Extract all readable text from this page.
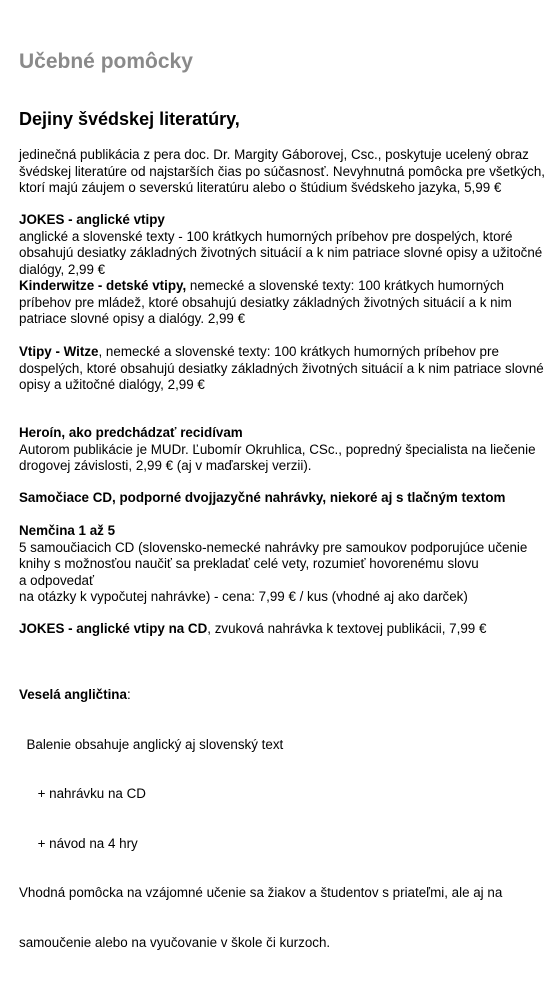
Učebné pomôcky
Dejiny švédskej literatúry,
jedinečná publikácia z pera doc. Dr. Margity Gáborovej, Csc., poskytuje ucelený obraz
švédskej literatúre od najstarších čias po súčasnosť. Nevyhnutná pomôcka pre všetkých,
ktorí majú záujem o severskú literatúru alebo o štúdium švédskeho jazyka, 5,99 €
JOKES - anglické vtipy
anglické a slovenské texty - 100 krátkych humorných príbehov pre dospelých, ktoré
obsahujú desiatky základných životných situácií a k nim patriace slovné opisy a užitočné
dialógy, 2,99 €
Kinderwitze - detské vtipy, nemecké a slovenské texty: 100 krátkych humorných
príbehov pre mládež, ktoré obsahujú desiatky základných životných situácií a k nim
patriace slovné opisy a dialógy. 2,99 €
Vtipy - Witze, nemecké a slovenské texty: 100 krátkych humorných príbehov pre
dospelých, ktoré obsahujú desiatky základných životných situácií a k nim patriace slovné
opisy a užitočné dialógy, 2,99 €
Heroín, ako predchádzať recidívam
Autorom publikácie je MUDr. Ľubomír Okruhlica, CSc., popredný špecialista na liečenie
drogovej závislosti, 2,99 € (aj v maďarskej verzii).
Samočiace CD, podporné dvojjazyčné nahrávky, niekoré aj s tlačným textom
Nemčina 1 až 5
5 samoučiacich CD (slovensko-nemecké nahrávky pre samoukov podporujúce učenie
knihy s možnosťou naučiť sa prekladať celé vety, rozumieť hovorenému slovu
a odpovedať
na otázky k vypočutej nahrávke) - cena: 7,99 € / kus (vhodné aj ako darček)
JOKES - anglické vtipy na CD, zvuková nahrávka k textovej publikácii, 7,99 €

Veselá angličtina:

Balenie obsahuje anglický aj slovenský text

+ nahrávku na CD

+ návod na 4 hry

Vhodná pomôcka na vzájomné učenie sa žiakov a študentov s priateľmi, ale aj na

samoučenie alebo na vyučovanie v škole či kurzoch.
